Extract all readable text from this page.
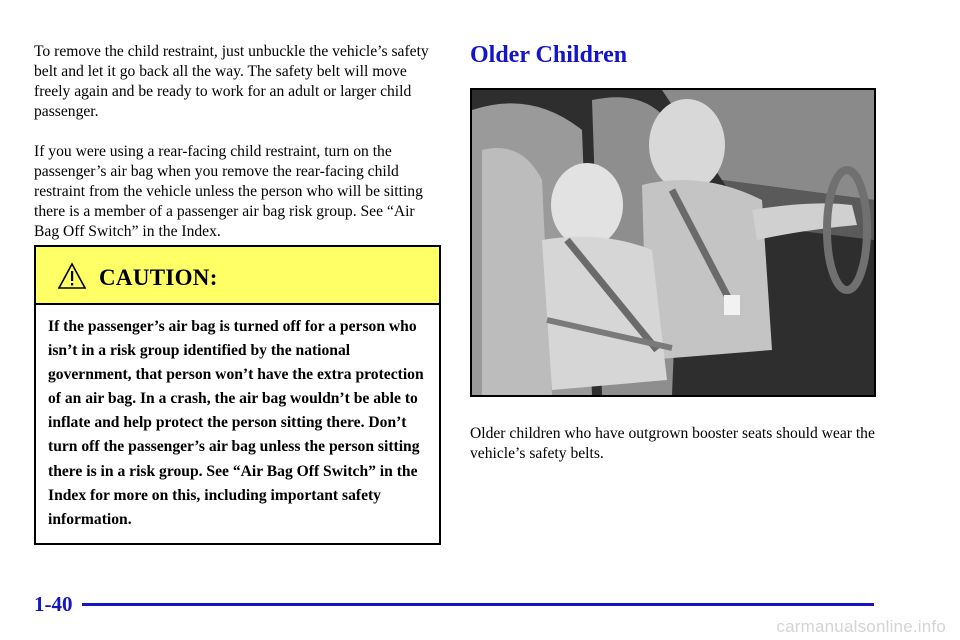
To remove the child restraint, just unbuckle the vehicle’s safety belt and let it go back all the way. The safety belt will move freely again and be ready to work for an adult or larger child passenger.

If you were using a rear-facing child restraint, turn on the passenger’s air bag when you remove the rear-facing child restraint from the vehicle unless the person who will be sitting there is a member of a passenger air bag risk group. See “Air Bag Off Switch” in the Index.

CAUTION:

If the passenger’s air bag is turned off for a person who isn’t in a risk group identified by the national government, that person won’t have the extra protection of an air bag. In a crash, the air bag wouldn’t be able to inflate and help protect the person sitting there. Don’t turn off the passenger’s air bag unless the person sitting there is in a risk group. See “Air Bag Off Switch” in the Index for more on this, including important safety information.

Older Children

Older children who have outgrown booster seats should wear the vehicle’s safety belts.

1-40
carmanualsonline.info
